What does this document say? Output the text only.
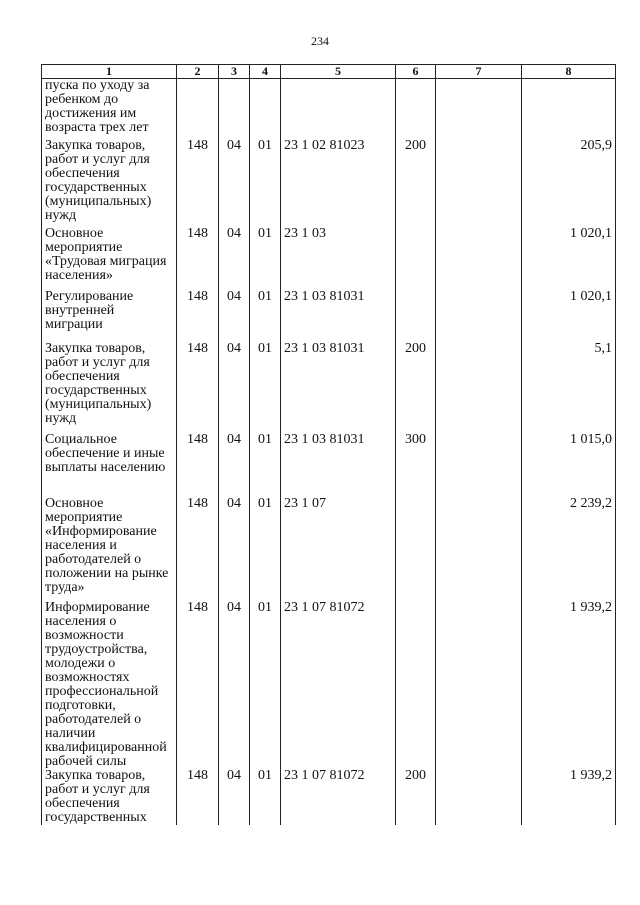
234
1	2	3	4	5	6	7	8
пуска по уходу за ребенком до достижения им возраста трех лет							
Закупка товаров, работ и услуг для обеспечения государственных (муниципальных) нужд	148	04	01	23 1 02 81023	200		205,9
Основное мероприятие «Трудовая миграция населения»	148	04	01	23 1 03			1 020,1
Регулирование внутренней миграции	148	04	01	23 1 03 81031			1 020,1
Закупка товаров, работ и услуг для обеспечения государственных (муниципальных) нужд	148	04	01	23 1 03 81031	200		5,1
Социальное обеспечение и иные выплаты населению	148	04	01	23 1 03 81031	300		1 015,0
Основное мероприятие «Информирование населения и работодателей о положении на рынке труда»	148	04	01	23 1 07			2 239,2
Информирование населения о возможности трудоустройства, молодежи о возможностях профессиональной подготовки, работодателей о наличии квалифицированной рабочей силы	148	04	01	23 1 07 81072			1 939,2
Закупка товаров, работ и услуг для обеспечения государственных	148	04	01	23 1 07 81072	200		1 939,2
